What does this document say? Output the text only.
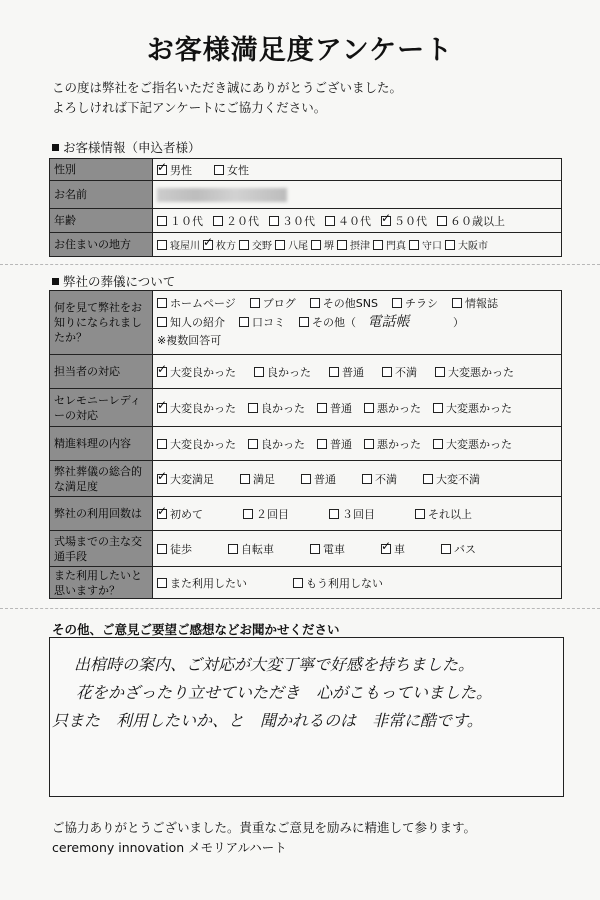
お客様満足度アンケート
この度は弊社をご指名いただき誠にありがとうございました。
よろしければ下記アンケートにご協力ください。
お客様情報（申込者様）
性別	✓男性 女性
お名前	
年齢	１０代 ２０代 ３０代 ４０代 ✓ ５０代 ６０歳以上
お住まいの地方	寝屋川 ✓ 枚方 交野 八尾 堺 摂津 門真 守口 大阪市
弊社の葬儀について
何を見て弊社をお知りになられましたか？	ホームページ ブログ その他SNS チラシ 情報誌
知人の紹介 口コミ その他（ 電話帳 ）
※複数回答可

担当者の対応	✓大変良かった 良かった 普通 不満 大変悪かった
セレモニーレディーの対応	✓大変良かった 良かった 普通 悪かった 大変悪かった
精進料理の内容	大変良かった 良かった 普通 悪かった 大変悪かった
弊社葬儀の総合的な満足度	✓大変満足 満足 普通 不満 大変不満
弊社の利用回数は	✓初めて ２回目 ３回目 それ以上
式場までの主な交通手段	徒歩 自転車 電車 ✓ 車 バス
また利用したいと思いますか？	また利用したい もう利用しない
その他、ご意見ご要望ご感想などお聞かせください
出棺時の案内、ご対応が大変丁寧で好感を持ちました。
花をかざったり立せていただき　心がこもっていました。
只また　利用したいか、と　聞かれるのは　非常に酷です。
ご協力ありがとうございました。貴重なご意見を励みに精進して参ります。
ceremony innovation メモリアルハート
